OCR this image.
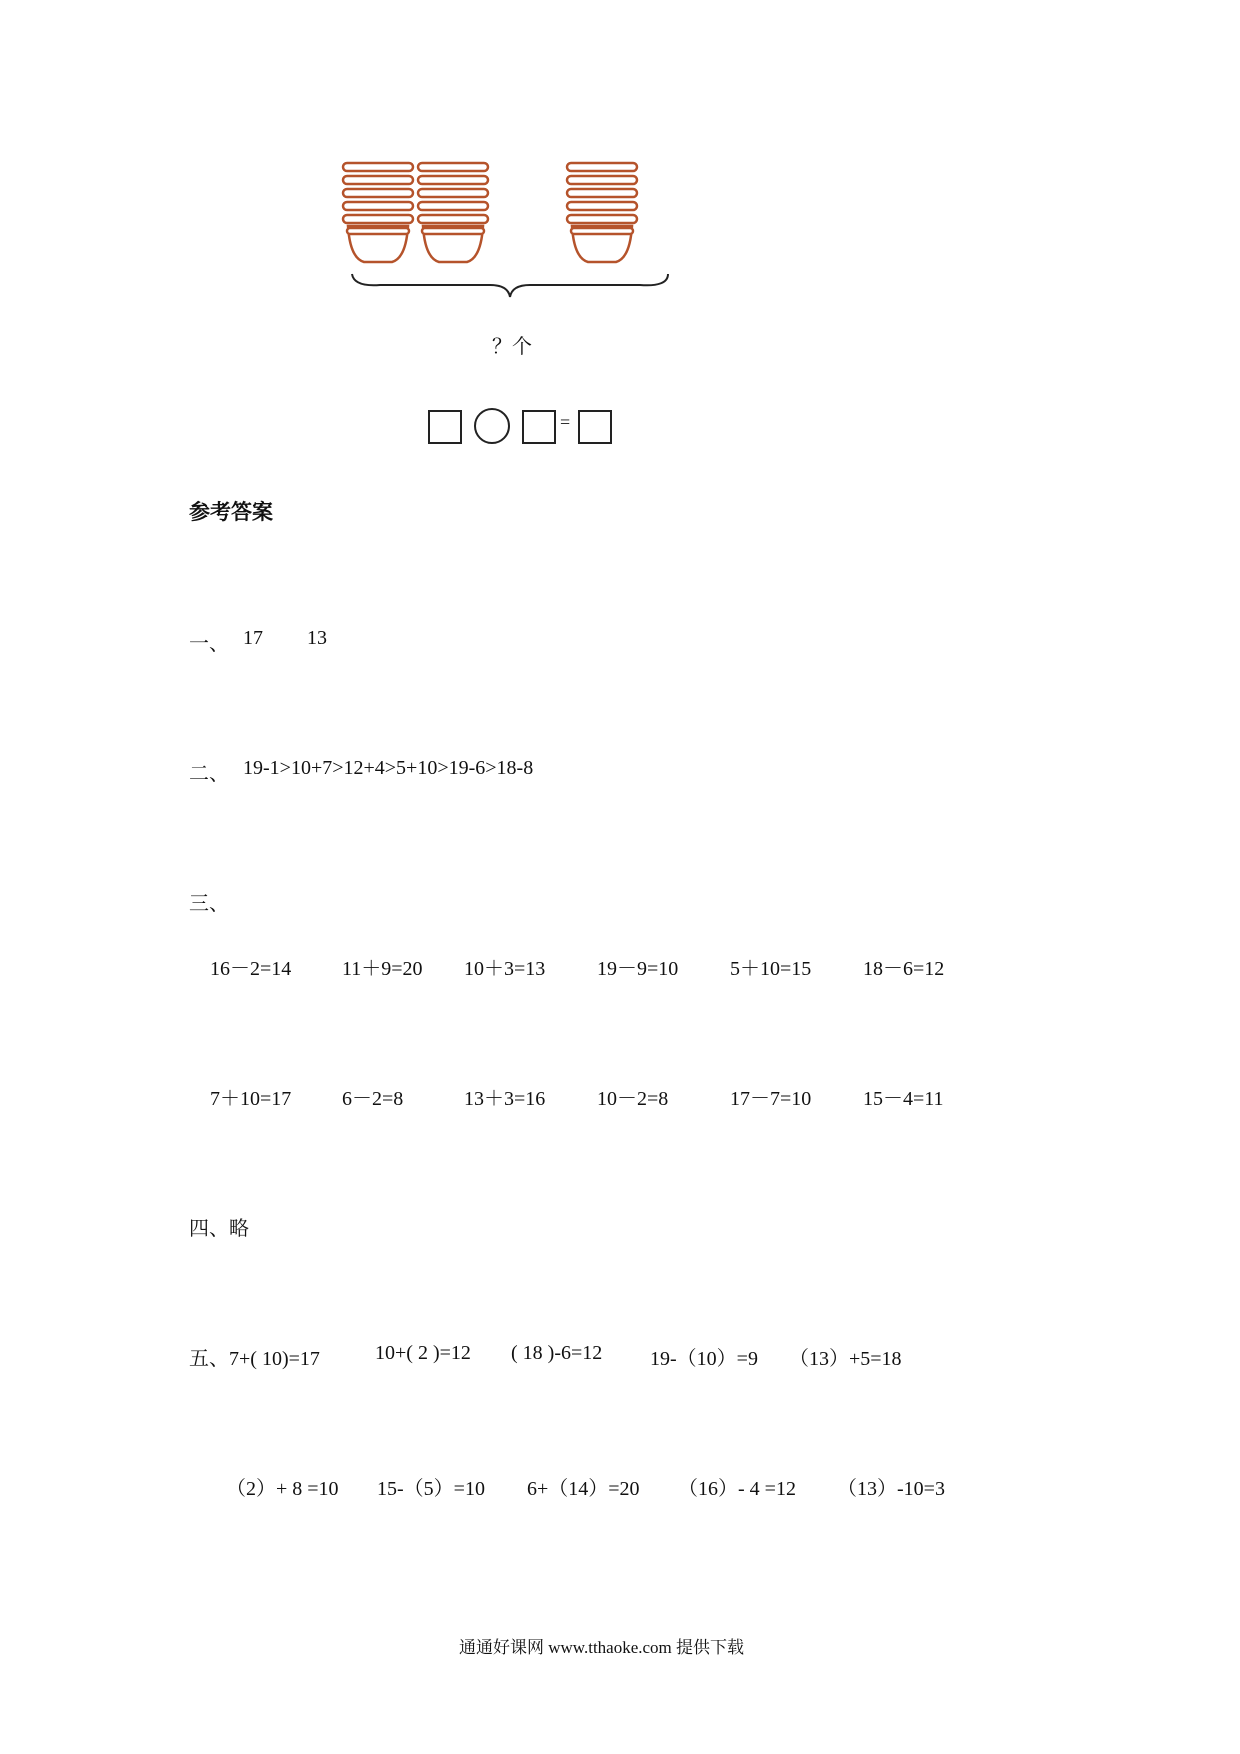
？个
=
参考答案
一、 17 13
二、 19-1>10+7>12+4>5+10>19-6>18-8
三、
16－2=14	11＋9=20 10＋3=13	19－9=10	5＋10=15	18－6=12
7＋10=17	6－2=8	13＋3=16	10－2=8	17－7=10	15－4=11
四、略
五、7+( 10)=17	10+( 2 )=12 ( 18 )-6=12 19-（10）=9 （13）+5=18
（2）+ 8 =10 15-（5）=10 6+（14）=20 （16）- 4 =12 （13）-10=3
通通好课网 www.tthaoke.com 提供下载
